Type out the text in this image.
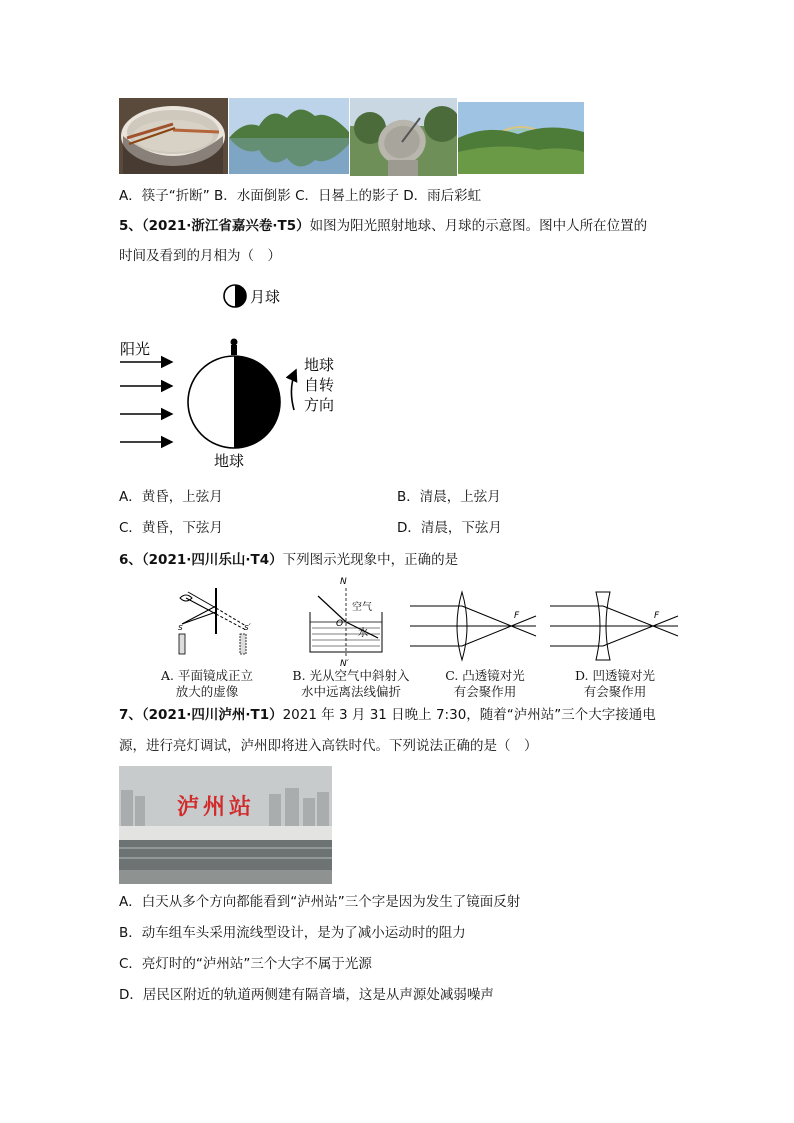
A．筷子“折断” B．水面倒影 C．日晷上的影子 D．雨后彩虹
5、（2021·浙江省嘉兴卷·T5）如图为阳光照射地球、月球的示意图。图中人所在位置的
时间及看到的月相为（　）
月球
阳光
地球
地球
自转
方向
A．黄昏，上弦月	B．清晨，上弦月
C．黄昏，下弦月	D．清晨，下弦月
6、（2021·四川乐山·T4）下列图示光现象中，正确的是
s	s′
N
N′
O
空气
水
F	F
A. 平面镜成正立
放大的虚像
B. 光从空气中斜射入
水中远离法线偏折
C. 凸透镜对光
有会聚作用
D. 凹透镜对光
有会聚作用
7、（2021·四川泸州·T1）2021 年 3 月 31 日晚上 7:30，随着“泸州站”三个大字接通电
源，进行亮灯调试，泸州即将进入高铁时代。下列说法正确的是（　）
泸州站
A．白天从多个方向都能看到“泸州站”三个字是因为发生了镜面反射
B．动车组车头采用流线型设计，是为了减小运动时的阻力
C．亮灯时的“泸州站”三个大字不属于光源
D．居民区附近的轨道两侧建有隔音墙，这是从声源处减弱噪声
